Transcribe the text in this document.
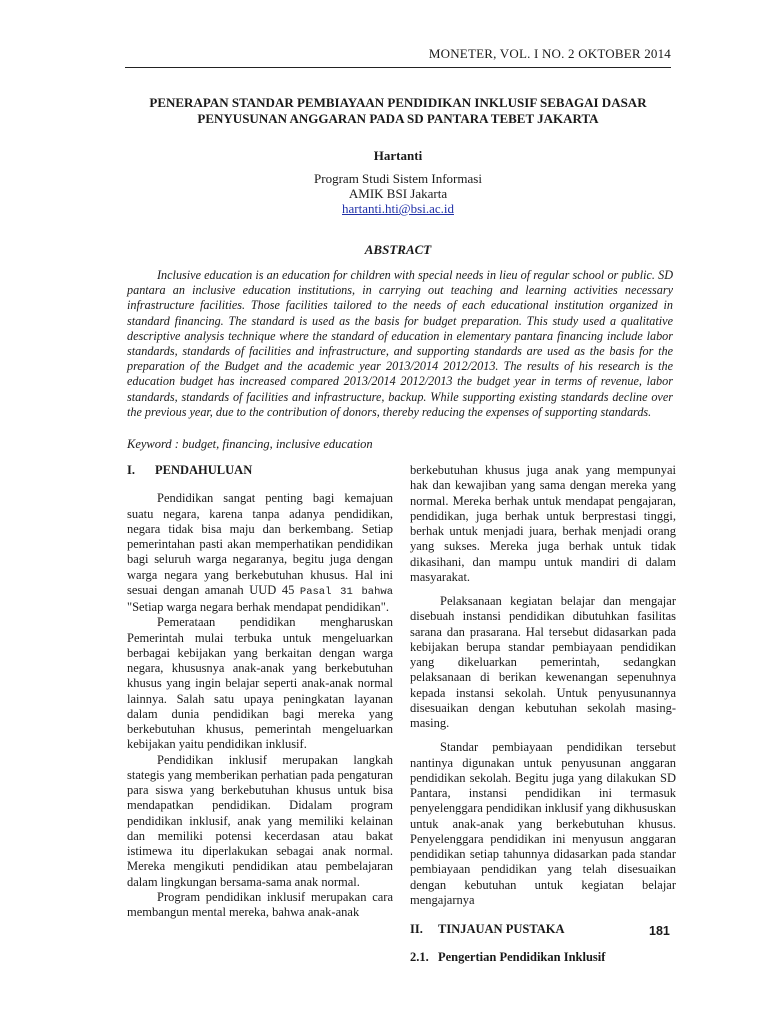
MONETER, VOL. I NO. 2 OKTOBER 2014
PENERAPAN STANDAR PEMBIAYAAN PENDIDIKAN INKLUSIF SEBAGAI DASAR
PENYUSUNAN ANGGARAN PADA SD PANTARA TEBET JAKARTA
Hartanti
Program Studi Sistem Informasi
AMIK BSI Jakarta
hartanti.hti@bsi.ac.id
ABSTRACT

Inclusive education is an education for children with special needs in lieu of regular school or public. SD pantara an inclusive education institutions, in carrying out teaching and learning activities necessary infrastructure facilities. Those facilities tailored to the needs of each educational institution organized in standard financing. The standard is used as the basis for budget preparation. This study used a qualitative descriptive analysis technique where the standard of education in elementary pantara financing include labor standards, standards of facilities and infrastructure, and supporting standards are used as the basis for the preparation of the Budget and the academic year 2013/2014 2012/2013. The results of his research is the education budget has increased compared 2013/2014 2012/2013 the budget year in terms of revenue, labor standards, standards of facilities and infrastructure, backup. While supporting existing standards decline over the previous year, due to the contribution of donors, thereby reducing the expenses of supporting standards.

Keyword : budget, financing, inclusive education
I.	PENDAHULUAN

Pendidikan sangat penting bagi kemajuan suatu negara, karena tanpa adanya pendidikan, negara tidak bisa maju dan berkembang. Setiap pemerintahan pasti akan memperhatikan pendidikan bagi seluruh warga negaranya, begitu juga dengan warga negara yang berkebutuhan khusus. Hal ini sesuai dengan amanah UUD 45 Pasal 31 bahwa "Setiap warga negara berhak mendapat pendidikan".

Pemerataan pendidikan mengharuskan Pemerintah mulai terbuka untuk mengeluarkan berbagai kebijakan yang berkaitan dengan warga negara, khususnya anak-anak yang berkebutuhan khusus yang ingin belajar seperti anak-anak normal lainnya. Salah satu upaya peningkatan layanan dalam dunia pendidikan bagi mereka yang berkebutuhan khusus, pemerintah mengeluarkan kebijakan yaitu pendidikan inklusif.

Pendidikan inklusif merupakan langkah stategis yang memberikan perhatian pada pengaturan para siswa yang berkebutuhan khusus untuk bisa mendapatkan pendidikan. Didalam program pendidikan inklusif, anak yang memiliki kelainan dan memiliki potensi kecerdasan atau bakat istimewa itu diperlakukan sebagai anak normal. Mereka mengikuti pendidikan atau pembelajaran dalam lingkungan bersama-sama anak normal.

Program pendidikan inklusif merupakan cara membangun mental mereka, bahwa anak-anak

berkebutuhan khusus juga anak yang mempunyai hak dan kewajiban yang sama dengan mereka yang normal. Mereka berhak untuk mendapat pengajaran, pendidikan, juga berhak untuk berprestasi tinggi, berhak untuk menjadi juara, berhak menjadi orang yang sukses. Mereka juga berhak untuk tidak dikasihani, dan mampu untuk mandiri di dalam masyarakat.

Pelaksanaan kegiatan belajar dan mengajar disebuah instansi pendidikan dibutuhkan fasilitas sarana dan prasarana. Hal tersebut didasarkan pada kebijakan berupa standar pembiayaan pendidikan yang dikeluarkan pemerintah, sedangkan pelaksanaan di berikan kewenangan sepenuhnya kepada instansi sekolah. Untuk penyusunannya disesuaikan dengan kebutuhan sekolah masing-masing.

Standar pembiayaan pendidikan tersebut nantinya digunakan untuk penyusunan anggaran pendidikan sekolah. Begitu juga yang dilakukan SD Pantara, instansi pendidikan ini termasuk penyelenggara pendidikan inklusif yang dikhususkan untuk anak-anak yang berkebutuhan khusus. Penyelenggara pendidikan ini menyusun anggaran pendidikan setiap tahunnya didasarkan pada standar pembiayaan pendidikan yang telah disesuaikan dengan kebutuhan untuk kegiatan belajar mengajarnya

II.	TINJAUAN PUSTAKA
2.1. Pengertian Pendidikan Inklusif
181
